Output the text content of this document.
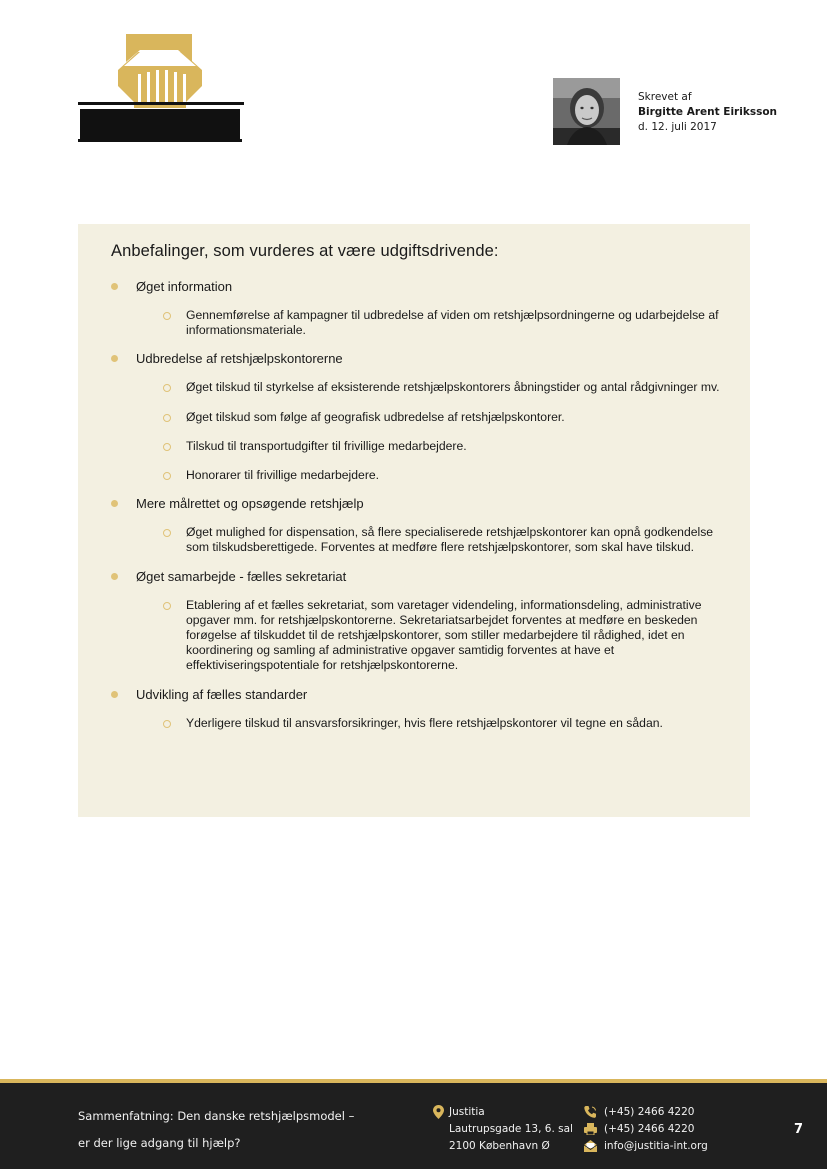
Skrevet af
Birgitte Arent Eiriksson
d. 12. juli 2017
Anbefalinger, som vurderes at være udgiftsdrivende:
Øget information
Gennemførelse af kampagner til udbredelse af viden om retshjælpsordningerne og udarbejdelse af informationsmateriale.
Udbredelse af retshjælpskontorerne
Øget tilskud til styrkelse af eksisterende retshjælpskontorers åbningstider og antal rådgivninger mv.
Øget tilskud som følge af geografisk udbredelse af retshjælpskontorer.
Tilskud til transportudgifter til frivillige medarbejdere.
Honorarer til frivillige medarbejdere.
Mere målrettet og opsøgende retshjælp
Øget mulighed for dispensation, så flere specialiserede retshjælpskontorer kan opnå godkendelse som tilskudsberettigede. Forventes at medføre flere retshjælpskontorer, som skal have tilskud.
Øget samarbejde - fælles sekretariat
Etablering af et fælles sekretariat, som varetager videndeling, informationsdeling, administrative opgaver mm. for retshjælpskontorerne. Sekretariatsarbejdet forventes at medføre en beskeden forøgelse af tilskuddet til de retshjælpskontorer, som stiller medarbejdere til rådighed, idet en koordinering og samling af administrative opgaver samtidig forventes at have et effektiviseringspotentiale for retshjælpskontorerne.
Udvikling af fælles standarder
Yderligere tilskud til ansvarsforsikringer, hvis flere retshjælpskontorer vil tegne en sådan.
Sammenfatning: Den danske retshjælpsmodel –
er der lige adgang til hjælp?
Justitia
Lautrupsgade 13, 6. sal
2100 København Ø
(+45) 2466 4220
(+45) 2466 4220
info@justitia-int.org
7
